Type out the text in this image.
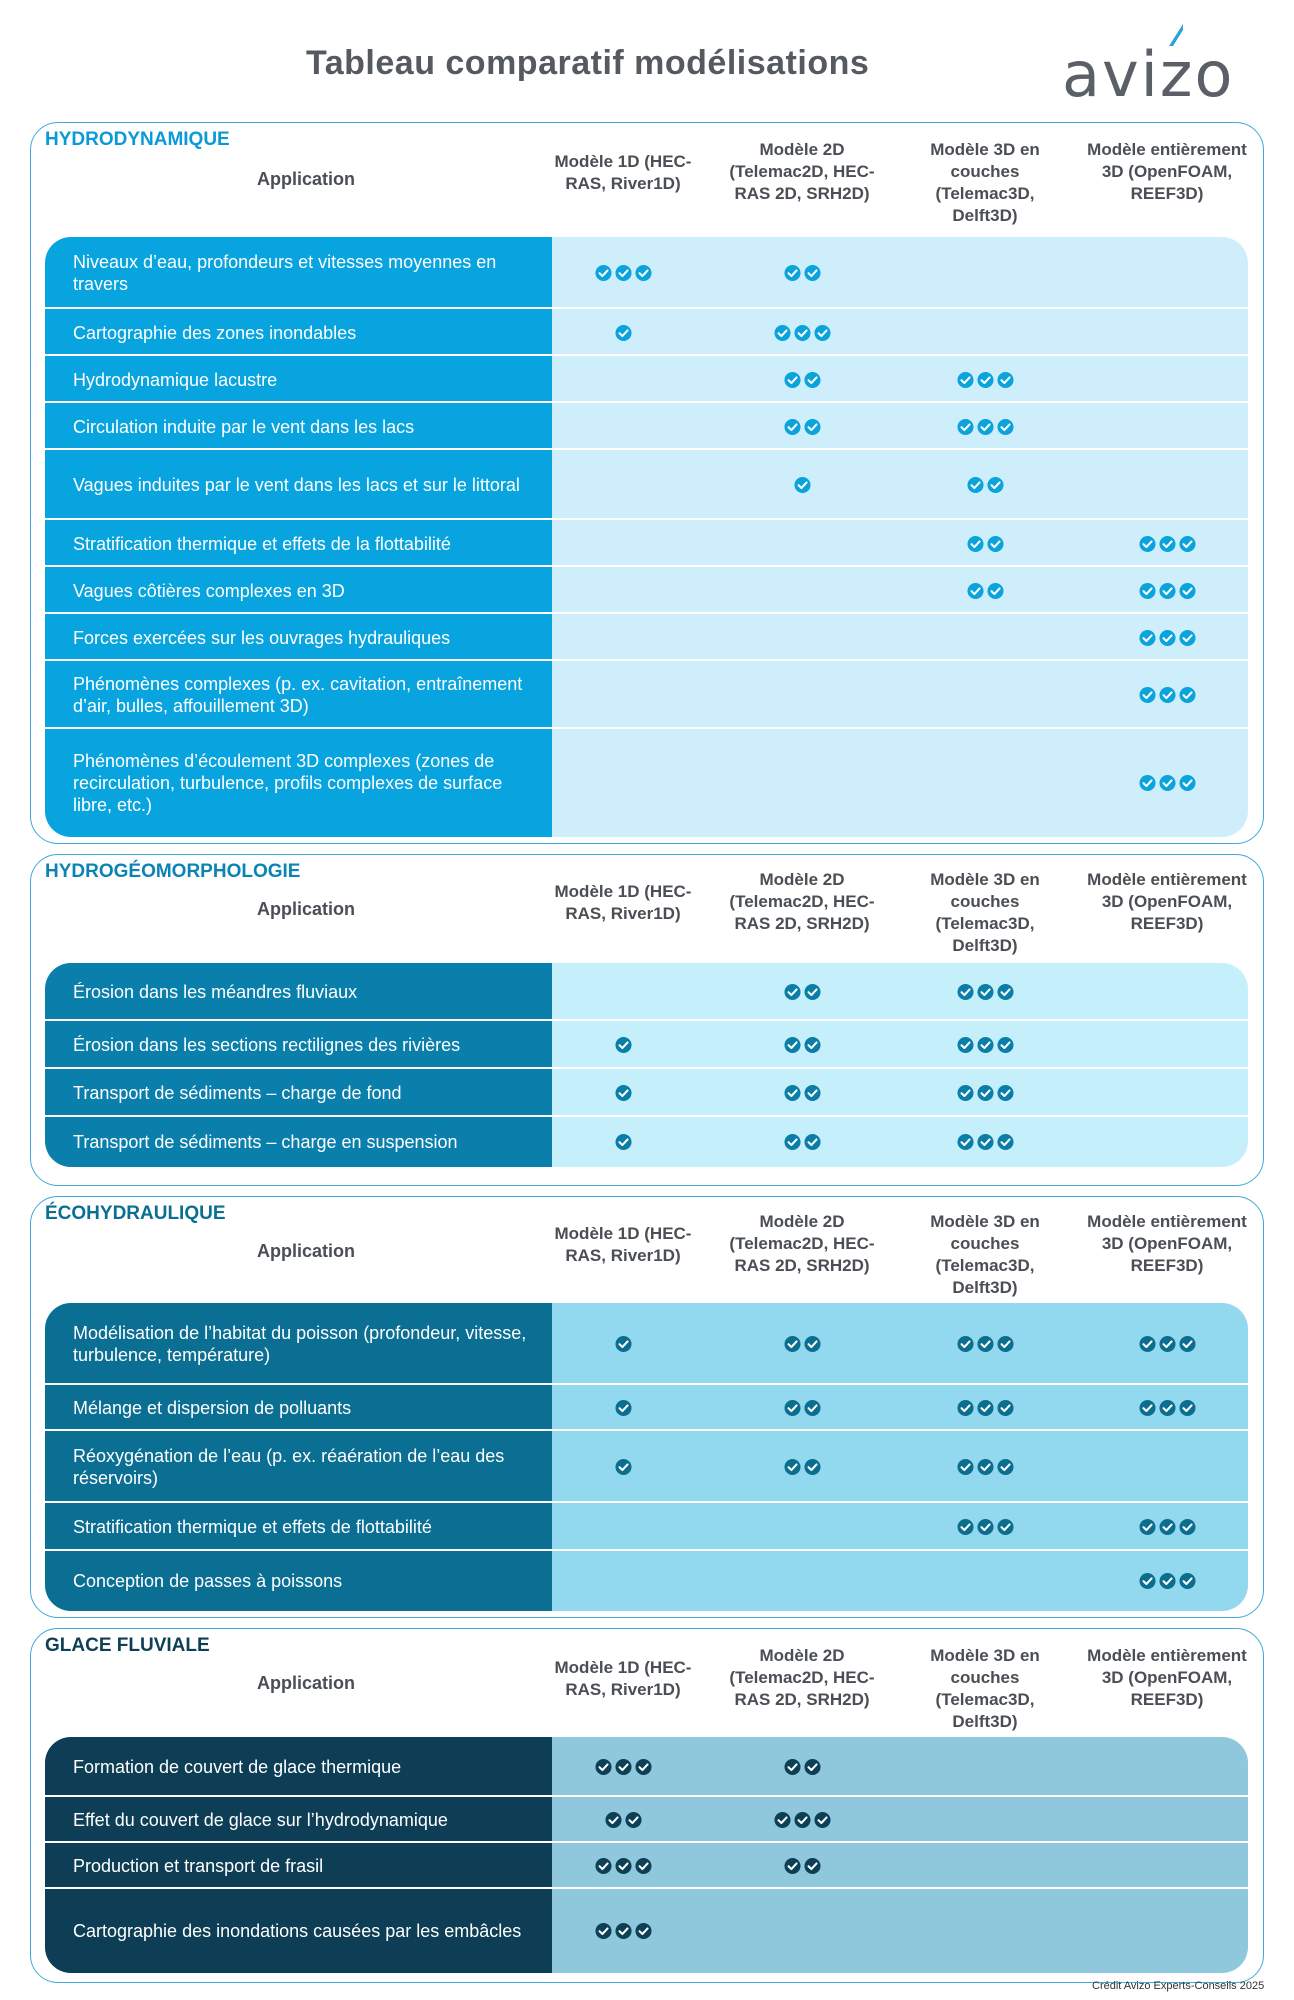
Tableau comparatif modélisations	avizo
HYDRODYNAMIQUE
Application
Modèle 1D (HEC-RAS, River1D)
Modèle 2D (Telemac2D, HEC-RAS 2D, SRH2D)
Modèle 3D en couches (Telemac3D, Delft3D)
Modèle entièrement 3D (OpenFOAM, REEF3D)
Niveaux d’eau, profondeurs et vitesses moyennes en travers
Cartographie des zones inondables
Hydrodynamique lacustre
Circulation induite par le vent dans les lacs
Vagues induites par le vent dans les lacs et sur le littoral
Stratification thermique et effets de la flottabilité
Vagues côtières complexes en 3D
Forces exercées sur les ouvrages hydrauliques
Phénomènes complexes (p. ex. cavitation, entraînement d’air, bulles, affouillement 3D)
Phénomènes d’écoulement 3D complexes (zones de recirculation, turbulence, profils complexes de surface libre, etc.)
HYDROGÉOMORPHOLOGIE
Application
Modèle 1D (HEC-RAS, River1D)
Modèle 2D (Telemac2D, HEC-RAS 2D, SRH2D)
Modèle 3D en couches (Telemac3D, Delft3D)
Modèle entièrement 3D (OpenFOAM, REEF3D)
Érosion dans les méandres fluviaux
Érosion dans les sections rectilignes des rivières
Transport de sédiments – charge de fond
Transport de sédiments – charge en suspension
ÉCOHYDRAULIQUE
Application
Modèle 1D (HEC-RAS, River1D)
Modèle 2D (Telemac2D, HEC-RAS 2D, SRH2D)
Modèle 3D en couches (Telemac3D, Delft3D)
Modèle entièrement 3D (OpenFOAM, REEF3D)
Modélisation de l’habitat du poisson (profondeur, vitesse, turbulence, température)
Mélange et dispersion de polluants
Réoxygénation de l’eau (p. ex. réaération de l’eau des réservoirs)
Stratification thermique et effets de flottabilité
Conception de passes à poissons
GLACE FLUVIALE
Application
Modèle 1D (HEC-RAS, River1D)
Modèle 2D (Telemac2D, HEC-RAS 2D, SRH2D)
Modèle 3D en couches (Telemac3D, Delft3D)
Modèle entièrement 3D (OpenFOAM, REEF3D)
Formation de couvert de glace thermique
Effet du couvert de glace sur l’hydrodynamique
Production et transport de frasil
Cartographie des inondations causées par les embâcles
Crédit Avizo Experts-Conseils 2025
